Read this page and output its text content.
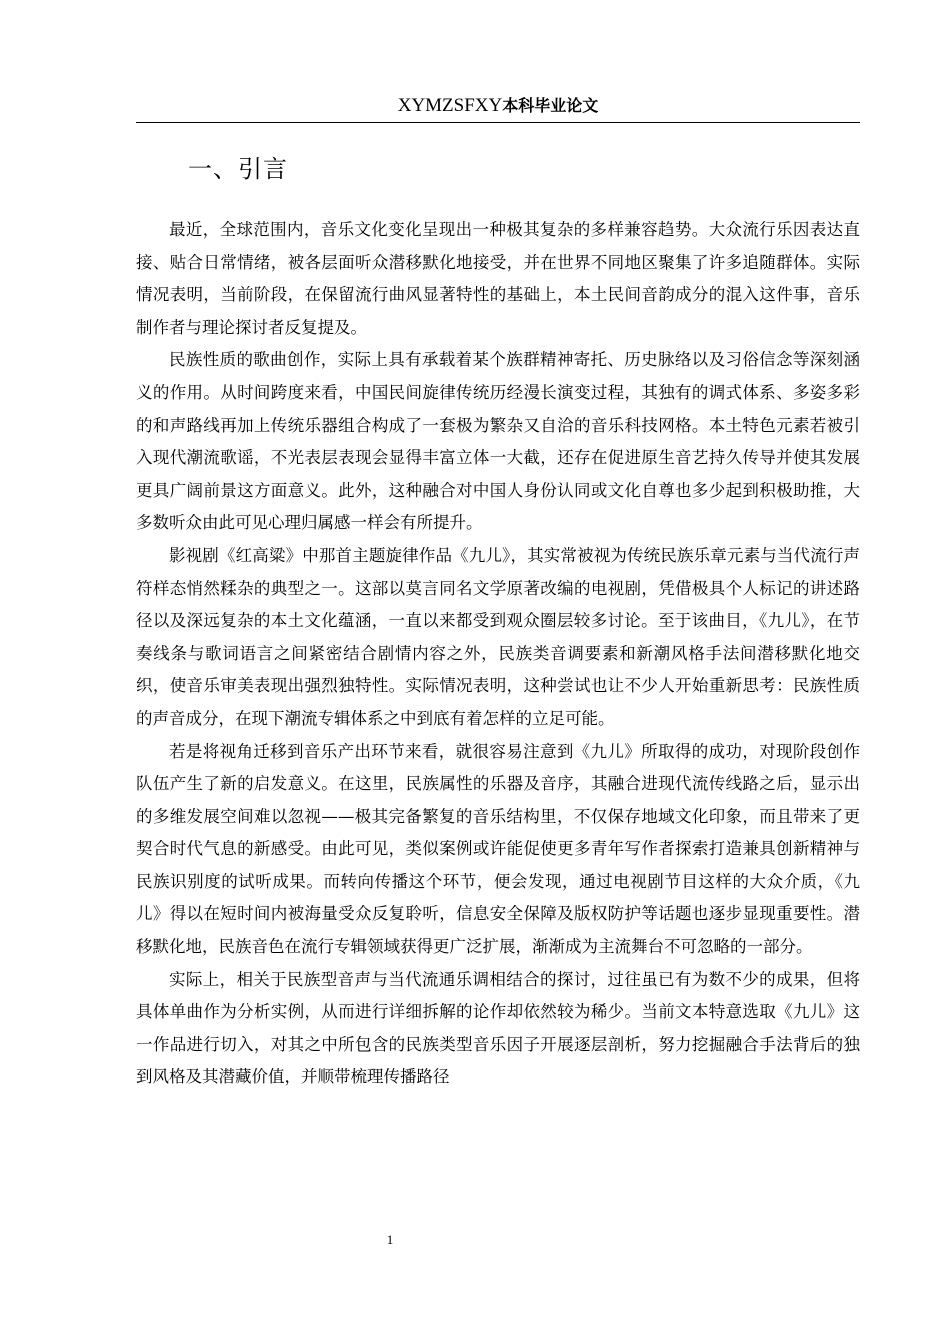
XYMZSFXY本科毕业论文
一、引言

最近，全球范围内，音乐文化变化呈现出一种极其复杂的多样兼容趋势。大众流行乐因表达直接、贴合日常情绪，被各层面听众潜移默化地接受，并在世界不同地区聚集了许多追随群体。实际情况表明，当前阶段，在保留流行曲风显著特性的基础上，本土民间音韵成分的混入这件事，音乐制作者与理论探讨者反复提及。

民族性质的歌曲创作，实际上具有承载着某个族群精神寄托、历史脉络以及习俗信念等深刻涵义的作用。从时间跨度来看，中国民间旋律传统历经漫长演变过程，其独有的调式体系、多姿多彩的和声路线再加上传统乐器组合构成了一套极为繁杂又自洽的音乐科技网格。本土特色元素若被引入现代潮流歌谣，不光表层表现会显得丰富立体一大截，还存在促进原生音艺持久传导并使其发展更具广阔前景这方面意义。此外，这种融合对中国人身份认同或文化自尊也多少起到积极助推，大多数听众由此可见心理归属感一样会有所提升。

影视剧《红高粱》中那首主题旋律作品《九儿》，其实常被视为传统民族乐章元素与当代流行声符样态悄然糅杂的典型之一。这部以莫言同名文学原著改编的电视剧，凭借极具个人标记的讲述路径以及深远复杂的本土文化蕴涵，一直以来都受到观众圈层较多讨论。至于该曲目，《九儿》，在节奏线条与歌词语言之间紧密结合剧情内容之外，民族类音调要素和新潮风格手法间潜移默化地交织，使音乐审美表现出强烈独特性。实际情况表明，这种尝试也让不少人开始重新思考：民族性质的声音成分，在现下潮流专辑体系之中到底有着怎样的立足可能。

若是将视角迁移到音乐产出环节来看，就很容易注意到《九儿》所取得的成功，对现阶段创作队伍产生了新的启发意义。在这里，民族属性的乐器及音序，其融合进现代流传线路之后，显示出的多维发展空间难以忽视——极其完备繁复的音乐结构里，不仅保存地域文化印象，而且带来了更契合时代气息的新感受。由此可见，类似案例或许能促使更多青年写作者探索打造兼具创新精神与民族识别度的试听成果。而转向传播这个环节，便会发现，通过电视剧节目这样的大众介质，《九儿》得以在短时间内被海量受众反复聆听，信息安全保障及版权防护等话题也逐步显现重要性。潜移默化地，民族音色在流行专辑领域获得更广泛扩展，渐渐成为主流舞台不可忽略的一部分。

实际上，相关于民族型音声与当代流通乐调相结合的探讨，过往虽已有为数不少的成果，但将具体单曲作为分析实例，从而进行详细拆解的论作却依然较为稀少。当前文本特意选取《九儿》这一作品进行切入，对其之中所包含的民族类型音乐因子开展逐层剖析，努力挖掘融合手法背后的独到风格及其潜藏价值，并顺带梳理传播路径

1
